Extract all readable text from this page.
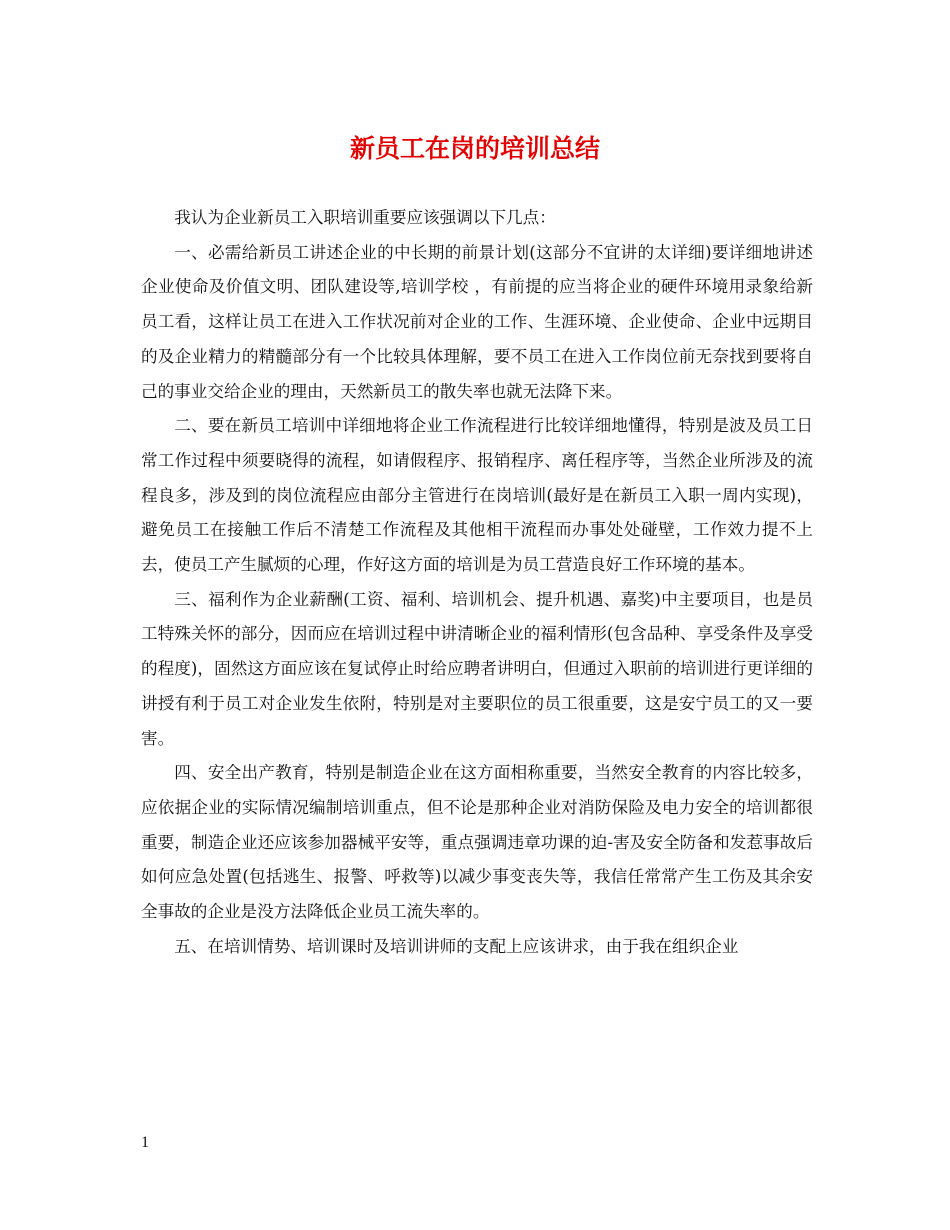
新员工在岗的培训总结

我认为企业新员工入职培训重要应该强调以下几点：

一、必需给新员工讲述企业的中长期的前景计划(这部分不宜讲的太详细)要详细地讲述企业使命及价值文明、团队建设等,培训学校 ，有前提的应当将企业的硬件环境用录象给新员工看，这样让员工在进入工作状况前对企业的工作、生涯环境、企业使命、企业中远期目的及企业精力的精髓部分有一个比较具体理解，要不员工在进入工作岗位前无奈找到要将自己的事业交给企业的理由，天然新员工的散失率也就无法降下来。

二、要在新员工培训中详细地将企业工作流程进行比较详细地懂得，特别是波及员工日常工作过程中须要晓得的流程，如请假程序、报销程序、离任程序等，当然企业所涉及的流程良多，涉及到的岗位流程应由部分主管进行在岗培训(最好是在新员工入职一周内实现)，避免员工在接触工作后不清楚工作流程及其他相干流程而办事处处碰壁，工作效力提不上去，使员工产生腻烦的心理，作好这方面的培训是为员工营造良好工作环境的基本。

三、福利作为企业薪酬(工资、福利、培训机会、提升机遇、嘉奖)中主要项目，也是员工特殊关怀的部分，因而应在培训过程中讲清晰企业的福利情形(包含品种、享受条件及享受的程度)，固然这方面应该在复试停止时给应聘者讲明白，但通过入职前的培训进行更详细的讲授有利于员工对企业发生依附，特别是对主要职位的员工很重要，这是安宁员工的又一要害。

四、安全出产教育，特别是制造企业在这方面相称重要，当然安全教育的内容比较多，应依据企业的实际情况编制培训重点，但不论是那种企业对消防保险及电力安全的培训都很重要，制造企业还应该参加器械平安等，重点强调违章功课的迫-害及安全防备和发惹事故后如何应急处置(包括逃生、报警、呼救等)以减少事变丧失等，我信任常常产生工伤及其余安全事故的企业是没方法降低企业员工流失率的。

五、在培训情势、培训课时及培训讲师的支配上应该讲求，由于我在组织企业

1
